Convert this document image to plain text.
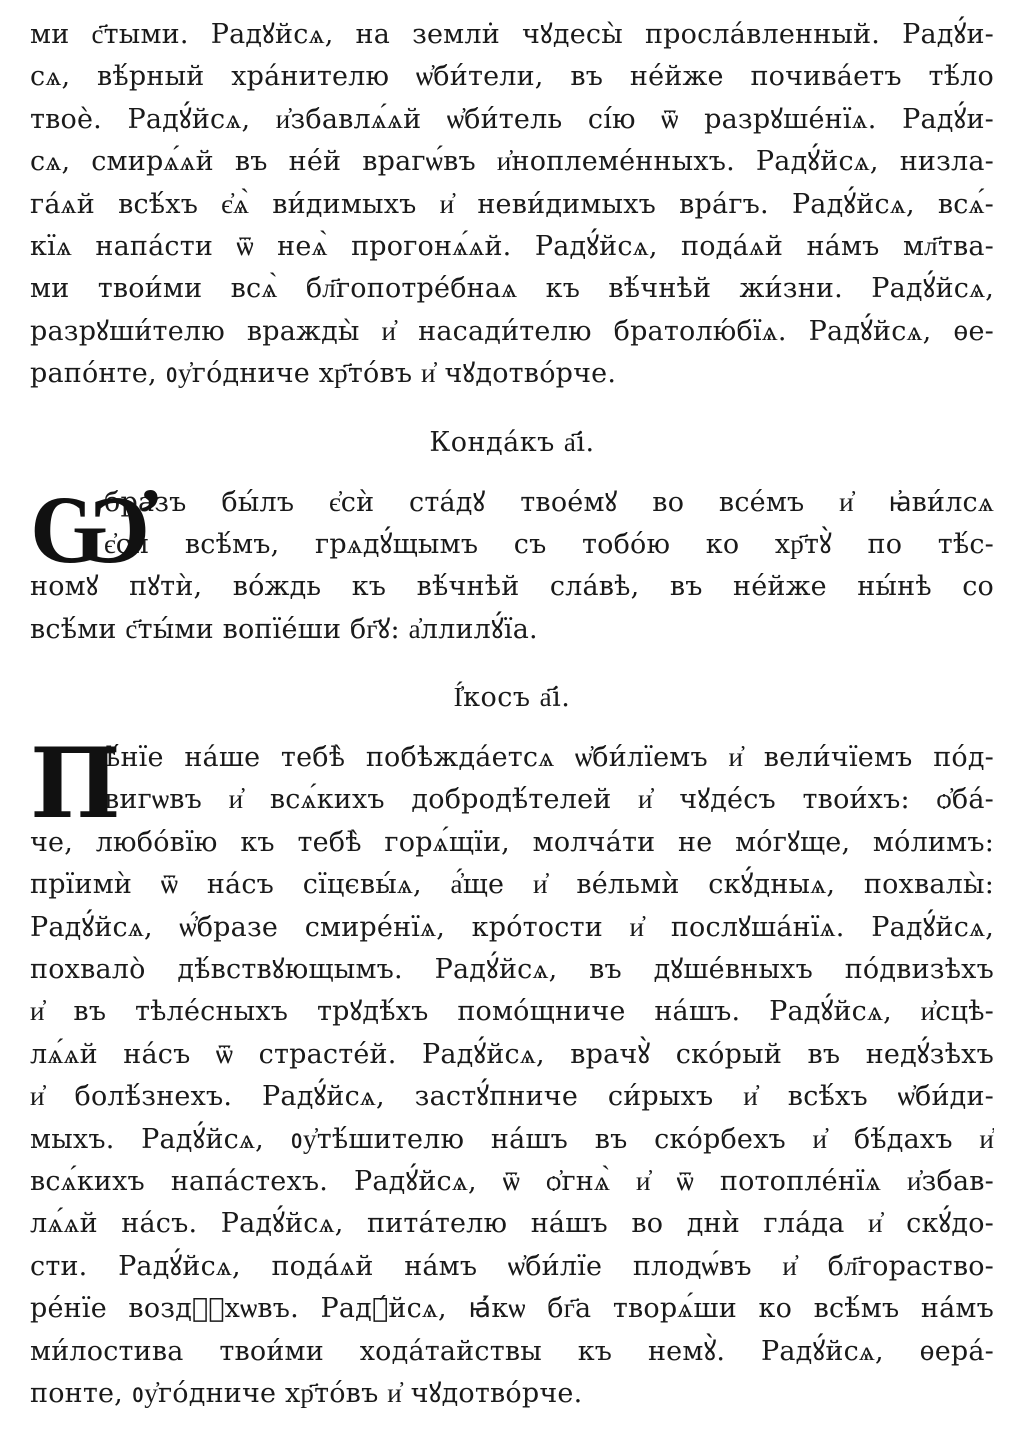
ми с҃тыми. Радꙋйсѧ, на земли̇ чꙋдесы̀ прослáвленный. Радꙋ́и-
сѧ, вѣ́рный хрáнителю ѡ҆би́тели, въ не́йже почивáетъ тѣ́ло
твоѐ. Радꙋ́йсѧ, и҆збавлѧ́ѧй ѡ҆би́тель сі́ю ѿ разрꙋше́нїѧ. Радꙋ́и-
сѧ, смирѧ́ѧй въ не́й врагѡ́въ и҆ноплеме́нныхъ. Радꙋ́йсѧ, низла-
гáѧй всѣ́хъ є҆ѧ̀ ви́димыхъ и҆ неви́димыхъ врáгъ. Радꙋ́йсѧ, всѧ́-
кїѧ напáсти ѿ неѧ̀ прогонѧ́ѧй. Радꙋ́йсѧ, подáѧй нáмъ мл҃твa-
ми твои́ми всѧ̀ бл҃гопотре́бнаѧ къ вѣ́чнѣй жи́зни. Радꙋ́йсѧ,
разрꙋши́телю вражды̀ и҆ насади́телю братолю́бїѧ. Радꙋ́йсѧ, ѳе-
рапо́нте, ᲂу҆го́дниче хр҃то́въ и҆ чꙋдотво́рче.
Кондáкъ а҃і.
Ѡ҆
бразъ бы́лъ є҆сѝ стáдꙋ твое́мꙋ во все́мъ и҆ ꙗ҆ви́лсѧ
є҆сѝ всѣ́мъ, грѧдꙋ́щымъ съ тобо́ю ко хр҃тꙋ̀ по тѣ́с-
номꙋ пꙋтѝ, во́ждь къ вѣ́чнѣй слáвѣ, въ не́йже ны́нѣ со
всѣ́ми с҃ты́ми вопїе́ши бг҃ꙋ: а҆ллилꙋ́їа.
І҆́косъ а҃і.
П
ѣ́нїе нáше тебѣ̀ побѣждáетсѧ ѡ҆би́лїемъ и҆ вели́чїемъ по́д-
вигѡвъ и҆ всѧ́кихъ добродѣ́телей и҆ чꙋде́съ твои́хъ: ѻ҆бá-
че, любо́вїю къ тебѣ̀ горѧ́щїи, молчáти не мо́гꙋще, мо́лимъ:
прїимѝ ѿ нáсъ сїцєвы́ѧ, а҆́ще и҆ ве́льмѝ скꙋ́дныѧ, похвалы̀:
Радꙋ́йсѧ, ѡ҆́бразе смире́нїѧ, кро́тости и҆ послꙋшáнїѧ. Радꙋ́йсѧ,
похвало̀ дѣ́вствꙋющымъ. Радꙋ́йсѧ, въ дꙋше́вныхъ по́двизѣхъ
и҆ въ тѣле́сныхъ трꙋдѣ́хъ помо́щниче нáшъ. Радꙋ́йсѧ, и҆сцѣ-
лѧ́ѧй нáсъ ѿ страсте́й. Радꙋ́йсѧ, врачꙋ̀ ско́рый въ недꙋ́зѣхъ
и҆ болѣ́знехъ. Радꙋ́йсѧ, застꙋ́пниче си́рыхъ и҆ всѣ́хъ ѡ҆би́ди-
мыхъ. Радꙋ́йсѧ, ᲂу҆тѣ́шителю нáшъ въ ско́рбехъ и҆ бѣ́дахъ и҆
всѧ́кихъ напáстехъ. Радꙋ́йсѧ, ѿ ѻ҆гнѧ̀ и҆ ѿ потопле́нїѧ и҆збав-
лѧ́ѧй нáсъ. Радꙋ́йсѧ, пита́телю нáшъ во днѝ глáда и҆ скꙋ́до-
сти. Радꙋ́йсѧ, подáѧй нáмъ ѡ҆би́лїе плодѡ́въ и҆ бл҃гораство-
ре́нїе возд꙯ꙋхѡвъ. Радꙋ́йсѧ, ꙗ҆́кѡ бг҃а творѧ́ши ко всѣ́мъ нáмъ
ми́лостива твои́ми ходáтайствы къ немꙋ̀. Радꙋ́йсѧ, ѳерá-
понте, ᲂу҆го́дниче хр҃то́въ и҆ чꙋдотво́рче.
